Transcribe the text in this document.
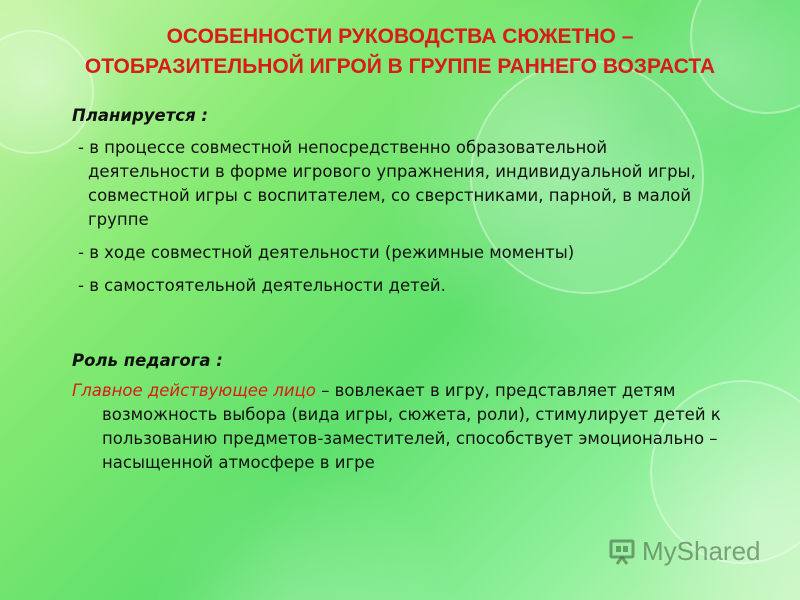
ОСОБЕННОСТИ РУКОВОДСТВА СЮЖЕТНО – ОТОБРАЗИТЕЛЬНОЙ ИГРОЙ В ГРУППЕ РАННЕГО ВОЗРАСТА

Планируется :

- в процессе совместной непосредственно образовательной деятельности в форме игрового упражнения, индивидуальной игры, совместной игры с воспитателем, со сверстниками, парной, в малой группе

- в ходе совместной деятельности (режимные моменты)

- в самостоятельной деятельности детей.

Роль педагога :

Главное действующее лицо – вовлекает в игру, представляет детям возможность выбора (вида игры, сюжета, роли), стимулирует детей к пользованию предметов-заместителей, способствует эмоционально – насыщенной атмосфере в игре

MyShared
